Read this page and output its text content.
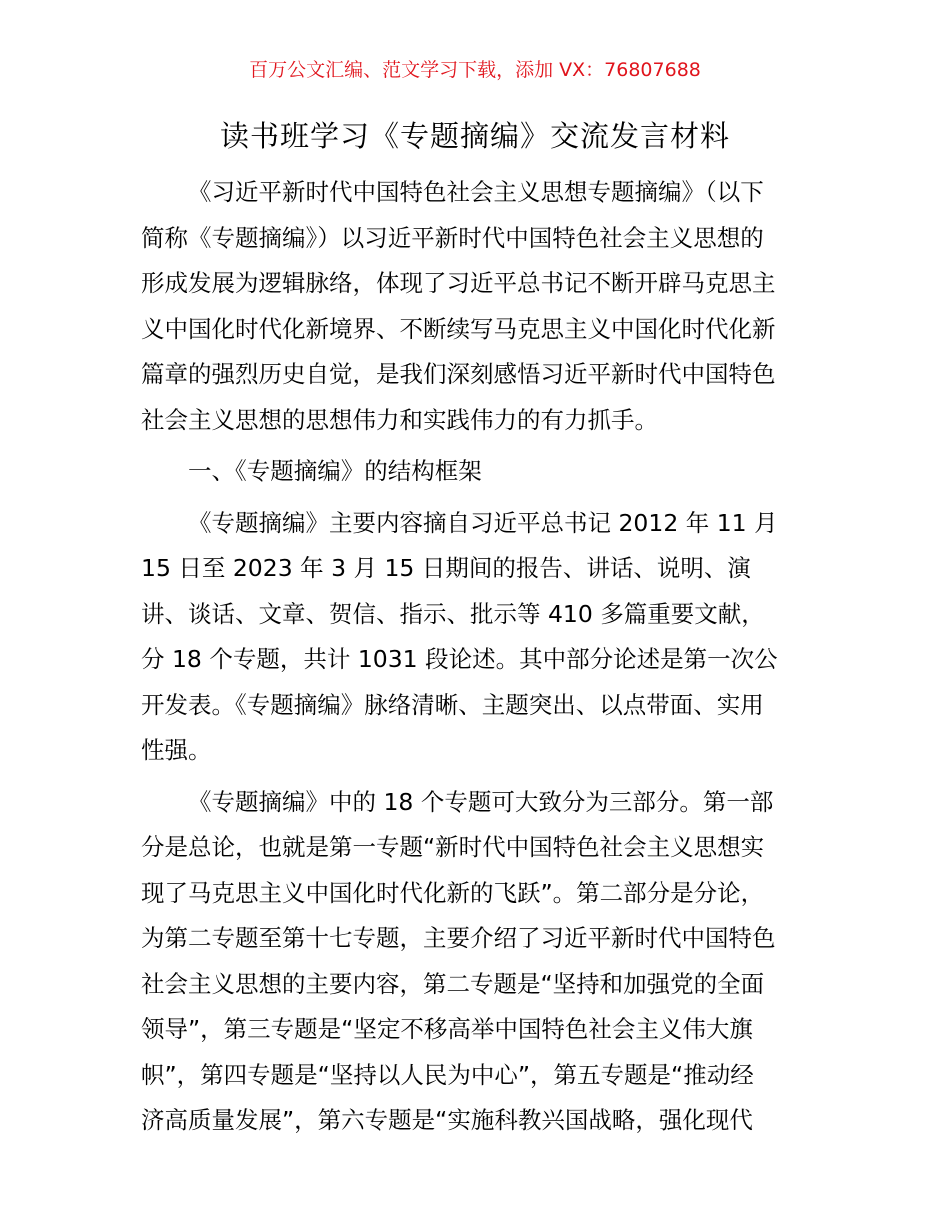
百万公文汇编、范文学习下载，添加 VX：76807688
读书班学习《专题摘编》交流发言材料

《习近平新时代中国特色社会主义思想专题摘编》（以下
简称《专题摘编》）以习近平新时代中国特色社会主义思想的
形成发展为逻辑脉络，体现了习近平总书记不断开辟马克思主
义中国化时代化新境界、不断续写马克思主义中国化时代化新
篇章的强烈历史自觉，是我们深刻感悟习近平新时代中国特色
社会主义思想的思想伟力和实践伟力的有力抓手。

一、《专题摘编》的结构框架

《专题摘编》主要内容摘自习近平总书记 2012 年 11 月
15 日至 2023 年 3 月 15 日期间的报告、讲话、说明、演
讲、谈话、文章、贺信、指示、批示等 410 多篇重要文献，
分 18 个专题，共计 1031 段论述。其中部分论述是第一次公
开发表。《专题摘编》脉络清晰、主题突出、以点带面、实用
性强。

《专题摘编》中的 18 个专题可大致分为三部分。第一部
分是总论，也就是第一专题“新时代中国特色社会主义思想实
现了马克思主义中国化时代化新的飞跃”。第二部分是分论，
为第二专题至第十七专题，主要介绍了习近平新时代中国特色
社会主义思想的主要内容，第二专题是“坚持和加强党的全面
领导”，第三专题是“坚定不移高举中国特色社会主义伟大旗
帜”，第四专题是“坚持以人民为中心”，第五专题是“推动经
济高质量发展”，第六专题是“实施科教兴国战略，强化现代
